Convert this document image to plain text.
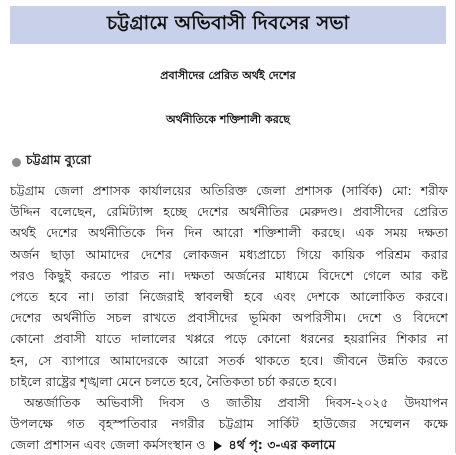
চট্টগ্রামে অভিবাসী দিবসের সভা
প্রবাসীদের প্রেরিত অর্থই দেশের
অর্থনীতিকে শক্তিশালী করছে
চট্টগ্রাম ব্যুরো
চট্টগ্রাম জেলা প্রশাসক কার্যালয়ের অতিরিক্ত জেলা প্রশাসক (সার্বিক) মো: শরীফ
উদ্দিন বলেছেন, রেমিট্যান্স হচ্ছে দেশের অর্থনীতির মেরুদণ্ড। প্রবাসীদের প্রেরিত
অর্থই দেশের অর্থনীতিকে দিন দিন আরো শক্তিশালী করছে। এক সময় দক্ষতা
অর্জন ছাড়া আমাদের দেশের লোকজন মধ্যপ্রাচ্যে গিয়ে কায়িক পরিশ্রম করার
পরও কিছুই করতে পারত না। দক্ষতা অর্জনের মাধ্যমে বিদেশে গেলে আর কষ্ট
পেতে হবে না। তারা নিজেরাই স্বাবলম্বী হবে এবং দেশকে আলোকিত করবে।
দেশের অর্থনীতি সচল রাখতে প্রবাসীদের ভূমিকা অপরিসীম। দেশে ও বিদেশে
কোনো প্রবাসী যাতে দালালের খপ্পরে পড়ে কোনো ধরনের হয়রানির শিকার না
হন, সে ব্যাপারে আমাদেরকে আরো সতর্ক থাকতে হবে। জীবনে উন্নতি করতে
চাইলে রাষ্ট্রের শৃঙ্খলা মেনে চলতে হবে, নৈতিকতা চর্চা করতে হবে।
অন্তর্জাতিক অভিবাসী দিবস ও জাতীয় প্রবাসী দিবস-২০২৫ উদযাপন
উপলক্ষে গত বৃহস্পতিবার নগরীর চট্টগ্রাম সার্কিট হাউজের সম্মেলন কক্ষে
জেলা প্রশাসন এবং জেলা কর্মসংস্থান ও ৪র্থ পৃ: ৩-এর কলামে
